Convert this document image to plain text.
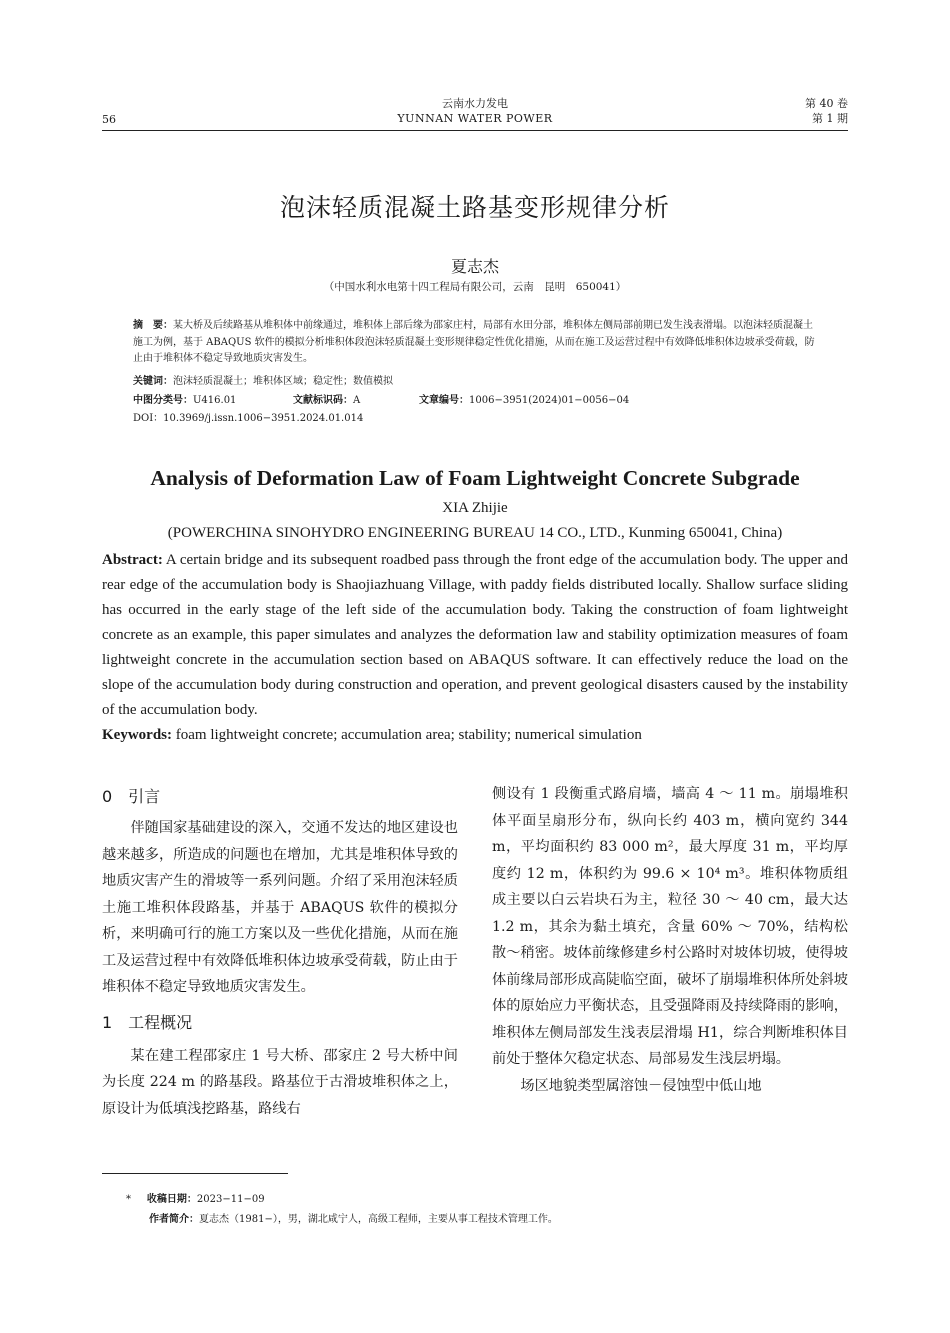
云南水力发电
YUNNAN WATER POWER
第 40 卷
第 1 期
56
泡沫轻质混凝土路基变形规律分析
夏志杰
（中国水利水电第十四工程局有限公司，云南　昆明　650041）
摘　要：某大桥及后续路基从堆积体中前缘通过，堆积体上部后缘为邵家庄村，局部有水田分部，堆积体左侧局部前期已发生浅表滑塌。以泡沫轻质混凝土施工为例，基于 ABAQUS 软件的模拟分析堆积体段泡沫轻质混凝土变形规律稳定性优化措施，从而在施工及运营过程中有效降低堆积体边坡承受荷载，防止由于堆积体不稳定导致地质灾害发生。
关键词：泡沫轻质混凝土；堆积体区域；稳定性；数值模拟
中图分类号：U416.01	文献标识码：A	文章编号：1006−3951(2024)01−0056−04
DOI：10.3969/j.issn.1006−3951.2024.01.014
Analysis of Deformation Law of Foam Lightweight Concrete Subgrade
XIA Zhijie
(POWERCHINA SINOHYDRO ENGINEERING BUREAU 14 CO., LTD., Kunming 650041, China)
Abstract: A certain bridge and its subsequent roadbed pass through the front edge of the accumulation body. The upper and rear edge of the accumulation body is Shaojiazhuang Village, with paddy fields distributed locally. Shallow surface sliding has occurred in the early stage of the left side of the accumulation body. Taking the construction of foam lightweight concrete as an example, this paper simulates and analyzes the deformation law and stability optimization measures of foam lightweight concrete in the accumulation section based on ABAQUS software. It can effectively reduce the load on the slope of the accumulation body during construction and operation, and prevent geological disasters caused by the instability of the accumulation body.
Keywords: foam lightweight concrete; accumulation area; stability; numerical simulation
0　引言

伴随国家基础建设的深入，交通不发达的地区建设也越来越多，所造成的问题也在增加，尤其是堆积体导致的地质灾害产生的滑坡等一系列问题。介绍了采用泡沫轻质土施工堆积体段路基，并基于 ABAQUS 软件的模拟分析，来明确可行的施工方案以及一些优化措施，从而在施工及运营过程中有效降低堆积体边坡承受荷载，防止由于堆积体不稳定导致地质灾害发生。

1　工程概况

某在建工程邵家庄 1 号大桥、邵家庄 2 号大桥中间为长度 224 m 的路基段。路基位于古滑坡堆积体之上，原设计为低填浅挖路基，路线右

侧设有 1 段衡重式路肩墙，墙高 4 ～ 11 m。崩塌堆积体平面呈扇形分布，纵向长约 403 m，横向宽约 344 m，平均面积约 83 000 m²，最大厚度 31 m，平均厚度约 12 m，体积约为 99.6 × 10⁴ m³。堆积体物质组成主要以白云岩块石为主，粒径 30 ～ 40 cm，最大达 1.2 m，其余为黏土填充，含量 60% ～ 70%，结构松散～稍密。坡体前缘修建乡村公路时对坡体切坡，使得坡体前缘局部形成高陡临空面，破坏了崩塌堆积体所处斜坡体的原始应力平衡状态，且受强降雨及持续降雨的影响，堆积体左侧局部发生浅表层滑塌 H1，综合判断堆积体目前处于整体欠稳定状态、局部易发生浅层坍塌。

场区地貌类型属溶蚀－侵蚀型中低山地

* 收稿日期：2023−11−09
作者简介：夏志杰（1981−），男，湖北咸宁人，高级工程师，主要从事工程技术管理工作。
